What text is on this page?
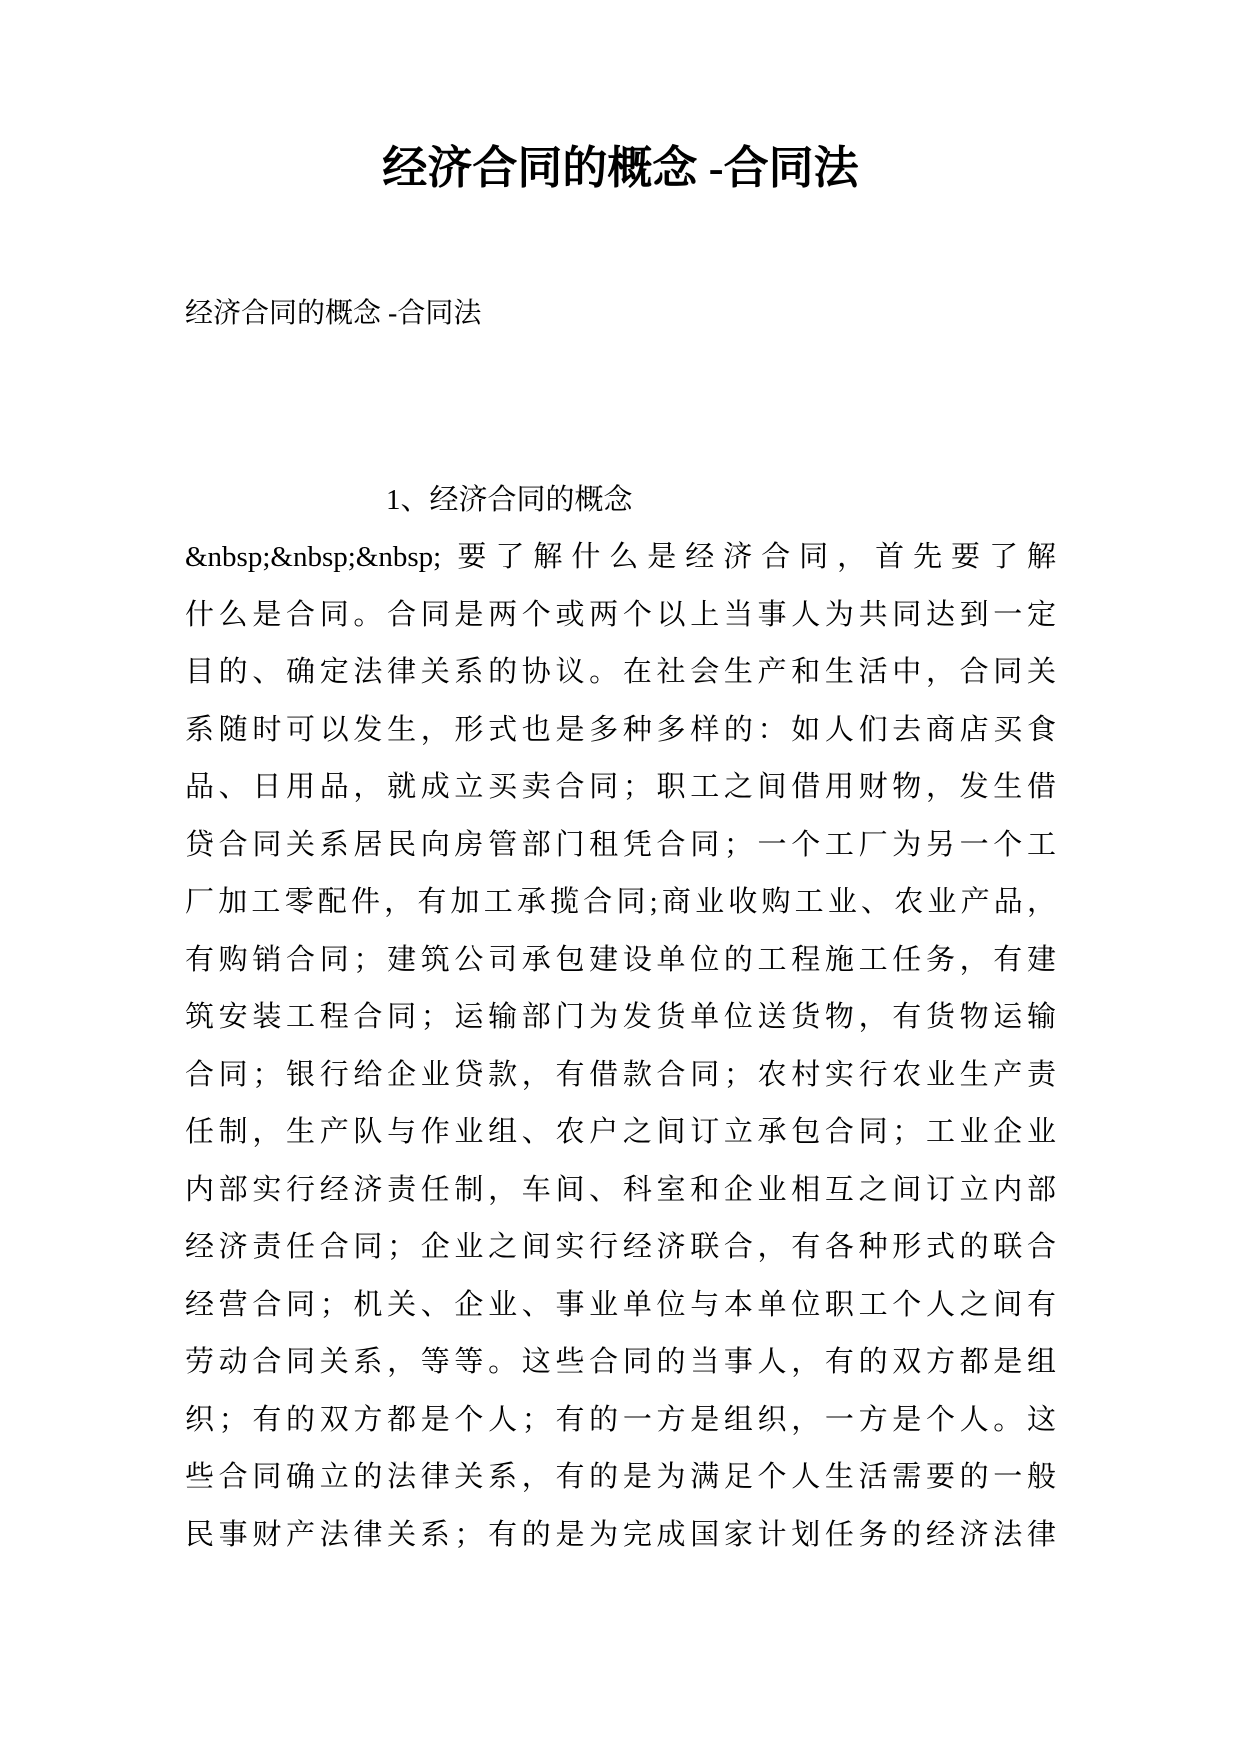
经济合同的概念 -合同法

经济合同的概念 -合同法

1、经济合同的概念
&nbsp;&nbsp;&nbsp; 要了解什么是经济合同，首先要了解
什么是合同。合同是两个或两个以上当事人为共同达到一定
目的、确定法律关系的协议。在社会生产和生活中，合同关
系随时可以发生，形式也是多种多样的：如人们去商店买食
品、日用品，就成立买卖合同；职工之间借用财物，发生借
贷合同关系居民向房管部门租凭合同；一个工厂为另一个工
厂加工零配件，有加工承揽合同;商业收购工业、农业产品，
有购销合同；建筑公司承包建设单位的工程施工任务，有建
筑安装工程合同；运输部门为发货单位送货物，有货物运输
合同；银行给企业贷款，有借款合同；农村实行农业生产责
任制，生产队与作业组、农户之间订立承包合同；工业企业
内部实行经济责任制，车间、科室和企业相互之间订立内部
经济责任合同；企业之间实行经济联合，有各种形式的联合
经营合同；机关、企业、事业单位与本单位职工个人之间有
劳动合同关系，等等。这些合同的当事人，有的双方都是组
织；有的双方都是个人；有的一方是组织，一方是个人。这
些合同确立的法律关系，有的是为满足个人生活需要的一般
民事财产法律关系；有的是为完成国家计划任务的经济法律
